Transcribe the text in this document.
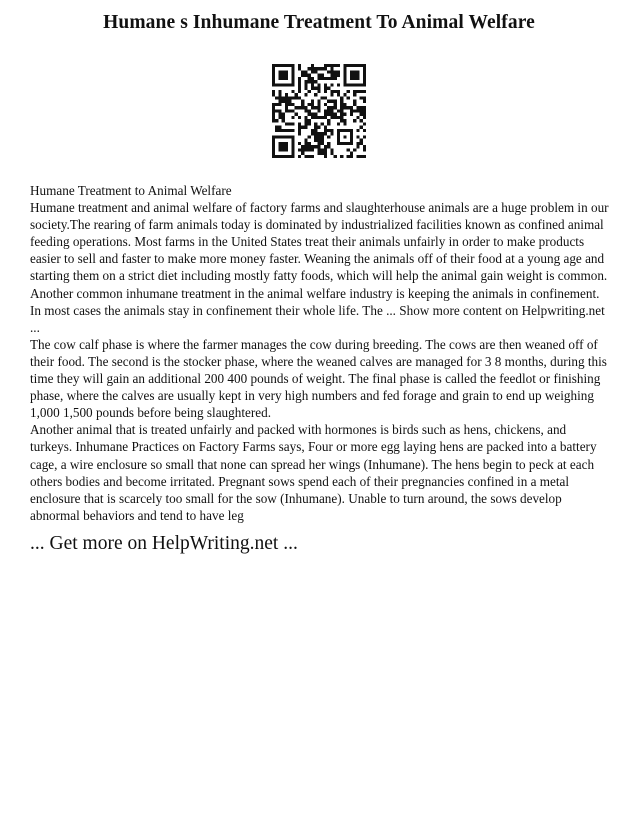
Humane s Inhumane Treatment To Animal Welfare

Humane Treatment to Animal Welfare

Humane treatment and animal welfare of factory farms and slaughterhouse animals are a huge problem in our society.The rearing of farm animals today is dominated by industrialized facilities known as confined animal feeding operations. Most farms in the United States treat their animals unfairly in order to make products easier to sell and faster to make more money faster. Weaning the animals off of their food at a young age and starting them on a strict diet including mostly fatty foods, which will help the animal gain weight is common. Another common inhumane treatment in the animal welfare industry is keeping the animals in confinement. In most cases the animals stay in confinement their whole life. The ... Show more content on Helpwriting.net ...

The cow calf phase is where the farmer manages the cow during breeding. The cows are then weaned off of their food. The second is the stocker phase, where the weaned calves are managed for 3 8 months, during this time they will gain an additional 200 400 pounds of weight. The final phase is called the feedlot or finishing phase, where the calves are usually kept in very high numbers and fed forage and grain to end up weighing 1,000 1,500 pounds before being slaughtered.

Another animal that is treated unfairly and packed with hormones is birds such as hens, chickens, and turkeys. Inhumane Practices on Factory Farms says, Four or more egg laying hens are packed into a battery cage, a wire enclosure so small that none can spread her wings (Inhumane). The hens begin to peck at each others bodies and become irritated. Pregnant sows spend each of their pregnancies confined in a metal enclosure that is scarcely too small for the sow (Inhumane). Unable to turn around, the sows develop abnormal behaviors and tend to have leg

... Get more on HelpWriting.net ...
